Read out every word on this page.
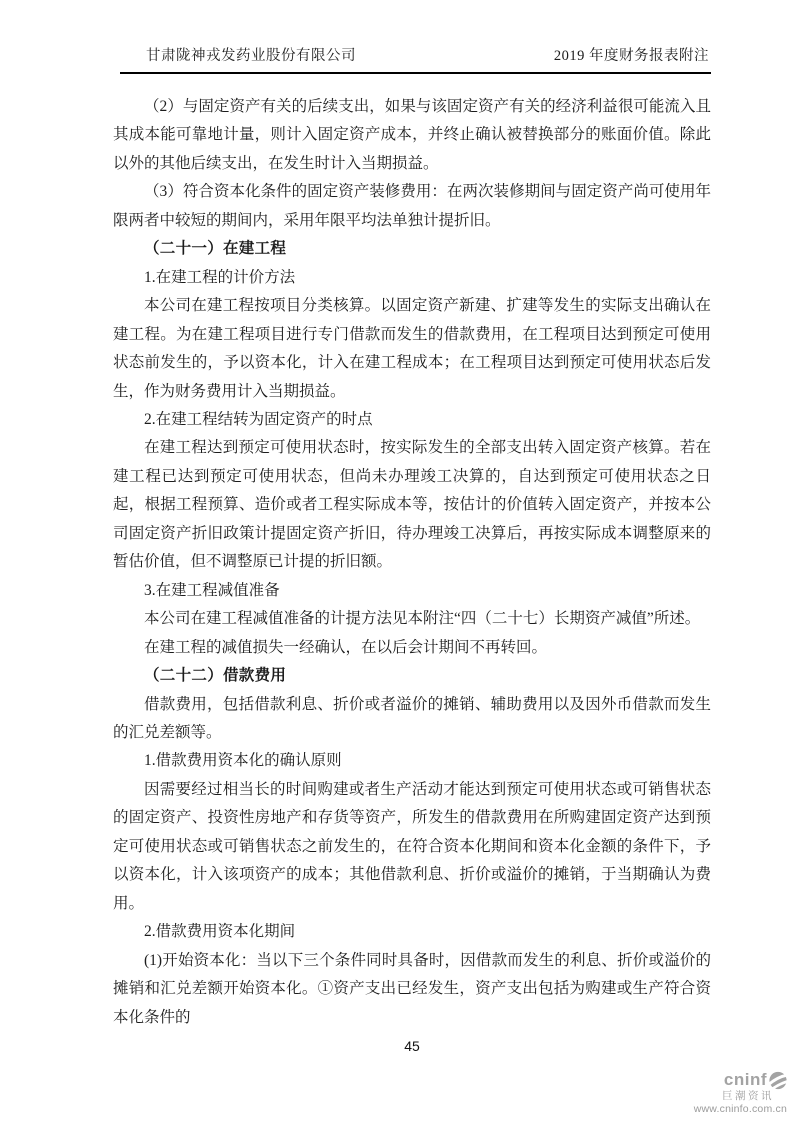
甘肃陇神戎发药业股份有限公司	2019 年度财务报表附注

（2）与固定资产有关的后续支出，如果与该固定资产有关的经济利益很可能流入且其成本能可靠地计量，则计入固定资产成本，并终止确认被替换部分的账面价值。除此以外的其他后续支出，在发生时计入当期损益。

（3）符合资本化条件的固定资产装修费用：在两次装修期间与固定资产尚可使用年限两者中较短的期间内，采用年限平均法单独计提折旧。

（二十一）在建工程

1.在建工程的计价方法

本公司在建工程按项目分类核算。以固定资产新建、扩建等发生的实际支出确认在建工程。为在建工程项目进行专门借款而发生的借款费用，在工程项目达到预定可使用状态前发生的，予以资本化，计入在建工程成本；在工程项目达到预定可使用状态后发生，作为财务费用计入当期损益。

2.在建工程结转为固定资产的时点

在建工程达到预定可使用状态时，按实际发生的全部支出转入固定资产核算。若在建工程已达到预定可使用状态，但尚未办理竣工决算的，自达到预定可使用状态之日起，根据工程预算、造价或者工程实际成本等，按估计的价值转入固定资产，并按本公司固定资产折旧政策计提固定资产折旧，待办理竣工决算后，再按实际成本调整原来的暂估价值，但不调整原已计提的折旧额。

3.在建工程减值准备

本公司在建工程减值准备的计提方法见本附注“四（二十七）长期资产减值”所述。

在建工程的减值损失一经确认，在以后会计期间不再转回。

（二十二）借款费用

借款费用，包括借款利息、折价或者溢价的摊销、辅助费用以及因外币借款而发生的汇兑差额等。

1.借款费用资本化的确认原则

因需要经过相当长的时间购建或者生产活动才能达到预定可使用状态或可销售状态的固定资产、投资性房地产和存货等资产，所发生的借款费用在所购建固定资产达到预定可使用状态或可销售状态之前发生的，在符合资本化期间和资本化金额的条件下，予以资本化，计入该项资产的成本；其他借款利息、折价或溢价的摊销，于当期确认为费用。

2.借款费用资本化期间

(1)开始资本化：当以下三个条件同时具备时，因借款而发生的利息、折价或溢价的摊销和汇兑差额开始资本化。①资产支出已经发生，资产支出包括为购建或生产符合资本化条件的

45
cninf
巨潮资讯
www.cninfo.com.cn
